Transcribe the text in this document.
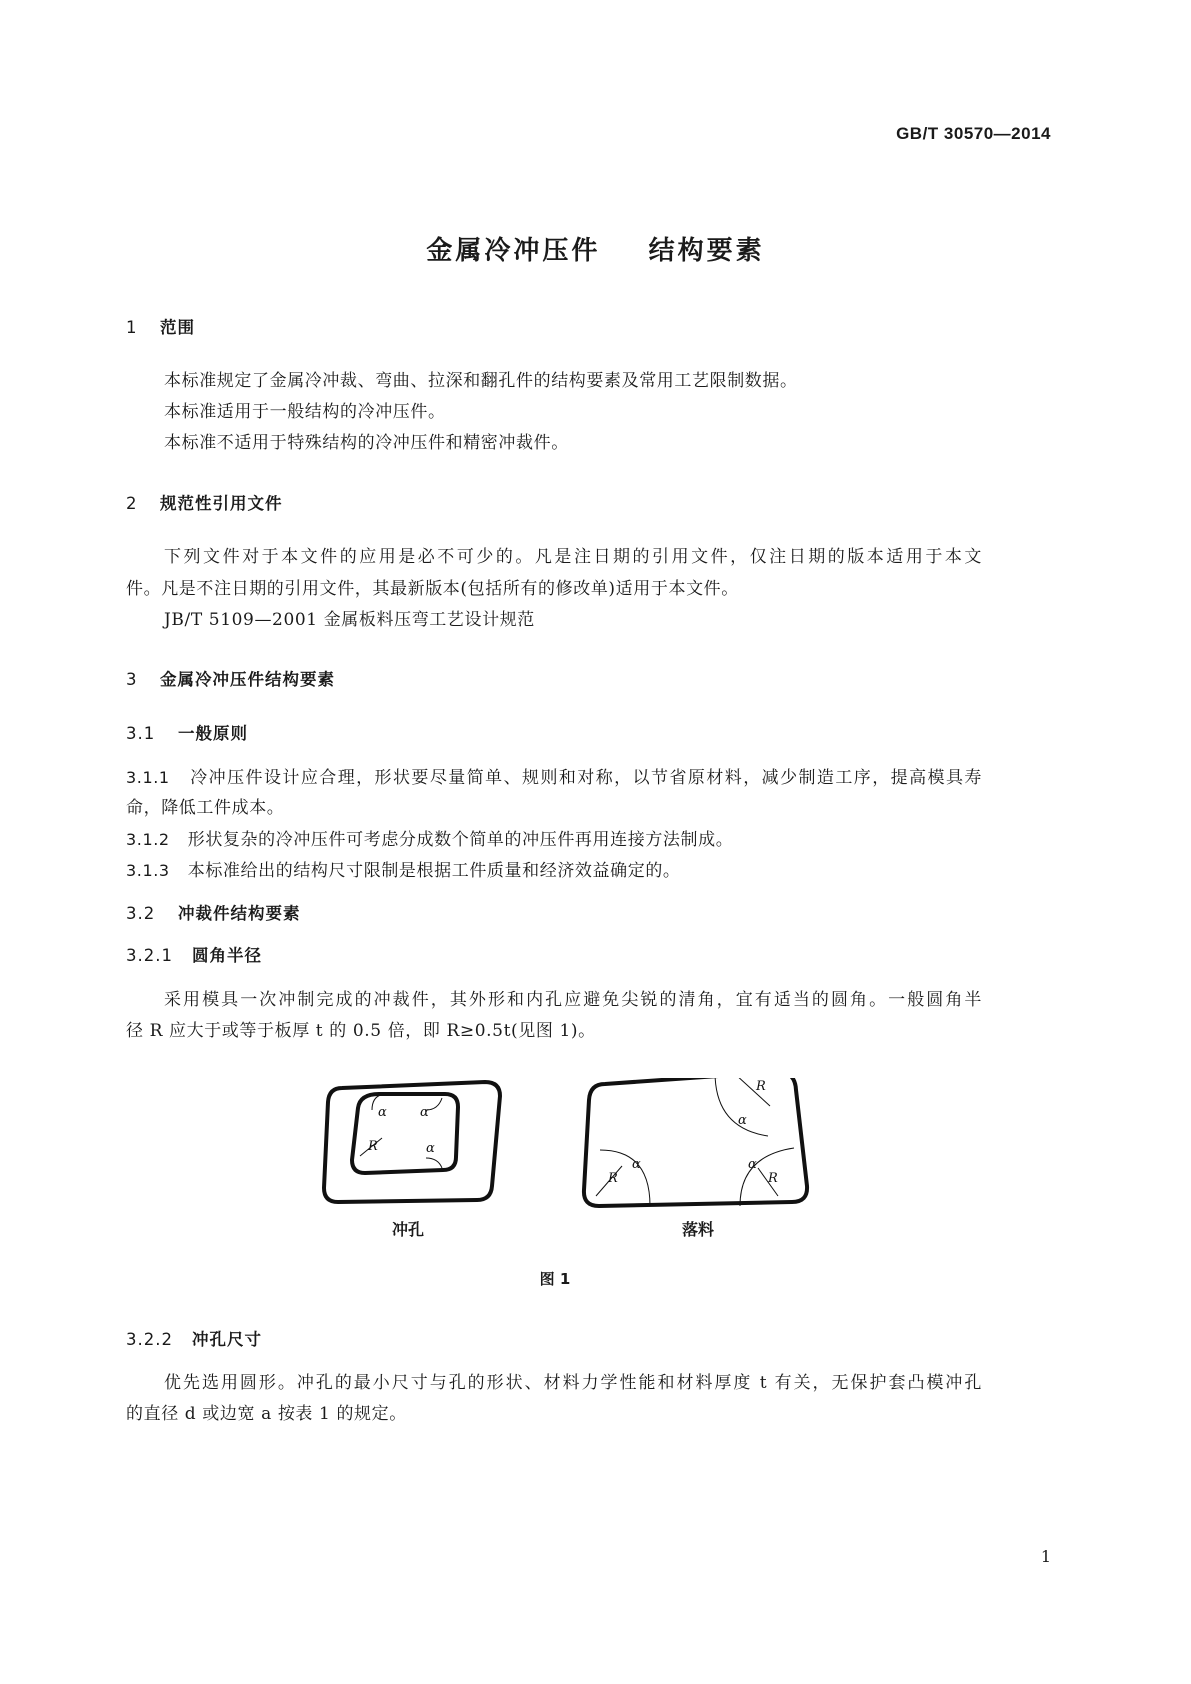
GB/T 30570—2014
金属冷冲压件    结构要素
1 范围
本标准规定了金属冷冲裁、弯曲、拉深和翻孔件的结构要素及常用工艺限制数据。
本标准适用于一般结构的冷冲压件。
本标准不适用于特殊结构的冷冲压件和精密冲裁件。
2 规范性引用文件
下列文件对于本文件的应用是必不可少的。凡是注日期的引用文件，仅注日期的版本适用于本文
件。凡是不注日期的引用文件，其最新版本(包括所有的修改单)适用于本文件。
JB/T 5109—2001 金属板料压弯工艺设计规范
3 金属冷冲压件结构要素
3.1 一般原则
3.1.1 冷冲压件设计应合理，形状要尽量简单、规则和对称，以节省原材料，减少制造工序，提高模具寿
命，降低工件成本。
3.1.2 形状复杂的冷冲压件可考虑分成数个简单的冲压件再用连接方法制成。
3.1.3 本标准给出的结构尺寸限制是根据工件质量和经济效益确定的。
3.2 冲裁件结构要素
3.2.1 圆角半径
采用模具一次冲制完成的冲裁件，其外形和内孔应避免尖锐的清角，宜有适当的圆角。一般圆角半
径 R 应大于或等于板厚 t 的 0.5 倍，即 R≥0.5t(见图 1)。
α	α
α
R
R
α
α
R
α
R
冲孔	落料
图 1
3.2.2 冲孔尺寸
优先选用圆形。冲孔的最小尺寸与孔的形状、材料力学性能和材料厚度 t 有关，无保护套凸模冲孔
的直径 d 或边宽 a 按表 1 的规定。
1
